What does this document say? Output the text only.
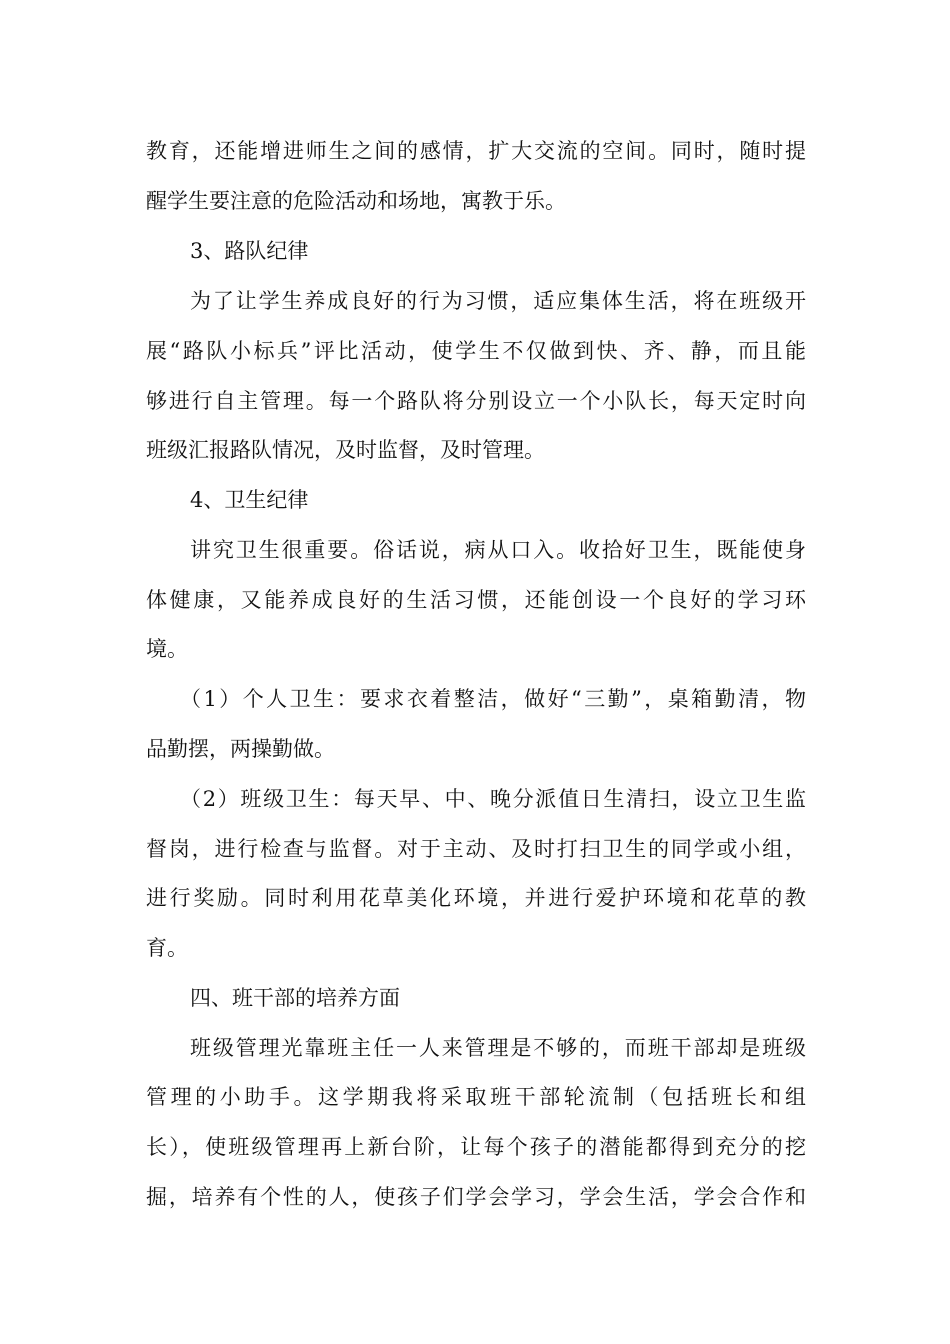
教育，还能增进师生之间的感情，扩大交流的空间。同时，随时提
醒学生要注意的危险活动和场地，寓教于乐。
3、路队纪律
为了让学生养成良好的行为习惯，适应集体生活，将在班级开
展“路队小标兵”评比活动，使学生不仅做到快、齐、静，而且能
够进行自主管理。每一个路队将分别设立一个小队长，每天定时向
班级汇报路队情况，及时监督，及时管理。
4、卫生纪律
讲究卫生很重要。俗话说，病从口入。收拾好卫生，既能使身
体健康，又能养成良好的生活习惯，还能创设一个良好的学习环
境。
（1）个人卫生：要求衣着整洁，做好“三勤”，桌箱勤清，物
品勤摆，两操勤做。
（2）班级卫生：每天早、中、晚分派值日生清扫，设立卫生监
督岗，进行检查与监督。对于主动、及时打扫卫生的同学或小组，
进行奖励。同时利用花草美化环境，并进行爱护环境和花草的教
育。
四、班干部的培养方面
班级管理光靠班主任一人来管理是不够的，而班干部却是班级
管理的小助手。这学期我将采取班干部轮流制（包括班长和组
长），使班级管理再上新台阶，让每个孩子的潜能都得到充分的挖
掘，培养有个性的人，使孩子们学会学习，学会生活，学会合作和
